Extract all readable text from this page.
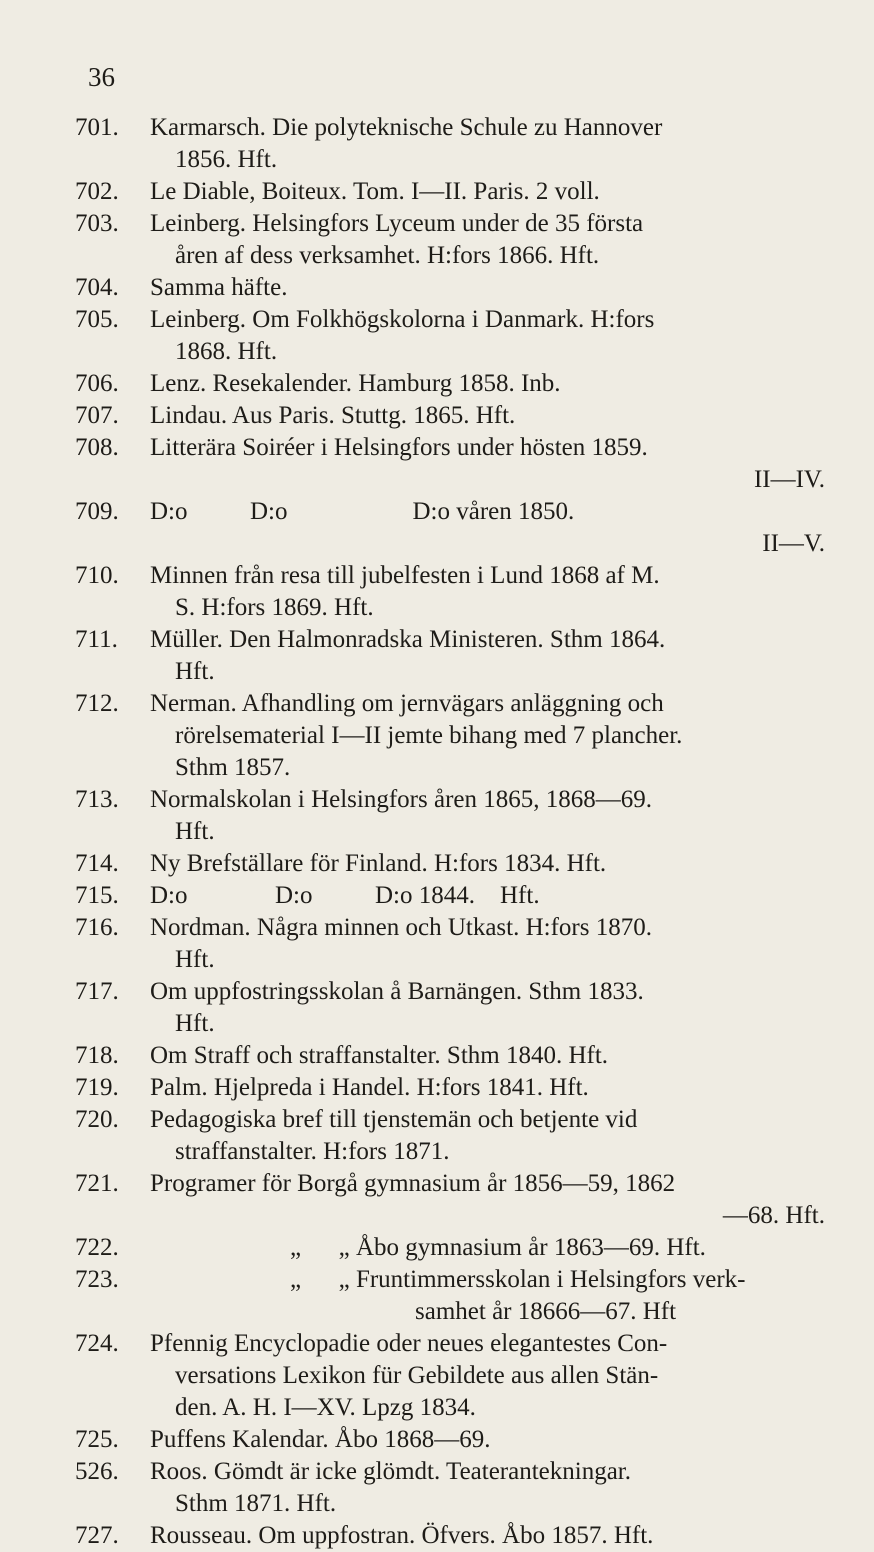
36
701.	Karmarsch. Die polyteknische Schule zu Hannover
1856. Hft.
702.	Le Diable, Boiteux. Tom. I—II. Paris. 2 voll.
703.	Leinberg. Helsingfors Lyceum under de 35 första
åren af dess verksamhet. H:fors 1866. Hft.
704.	Samma häfte.
705.	Leinberg. Om Folkhögskolorna i Danmark. H:fors
1868. Hft.
706.	Lenz. Resekalender. Hamburg 1858. Inb.
707.	Lindau. Aus Paris. Stuttg. 1865. Hft.
708.	Litterära Soiréer i Helsingfors under hösten 1859.
II—IV.
709.	D:o          D:o                    D:o våren 1850.
II—V.
710.	Minnen från resa till jubelfesten i Lund 1868 af M.
S. H:fors 1869. Hft.
711.	Müller. Den Halmonradska Ministeren. Sthm 1864.
Hft.
712.	Nerman. Afhandling om jernvägars anläggning och
rörelsematerial I—II jemte bihang med 7 plancher.
Sthm 1857.
713.	Normalskolan i Helsingfors åren 1865, 1868—69.
Hft.
714.	Ny Brefställare för Finland. H:fors 1834. Hft.
715.	D:o              D:o          D:o 1844.    Hft.
716.	Nordman. Några minnen och Utkast. H:fors 1870.
Hft.
717.	Om uppfostringsskolan å Barnängen. Sthm 1833.
Hft.
718.	Om Straff och straffanstalter. Sthm 1840. Hft.
719.	Palm. Hjelpreda i Handel. H:fors 1841. Hft.
720.	Pedagogiska bref till tjenstemän och betjente vid
straffanstalter. H:fors 1871.
721.	Programer för Borgå gymnasium år 1856—59, 1862
—68. Hft.
722.	„      „ Åbo gymnasium år 1863—69. Hft.
723.	„      „ Fruntimmersskolan i Helsingfors verk-
samhet år 18666—67. Hft
724.	Pfennig Encyclopadie oder neues elegantestes Con-
versations Lexikon für Gebildete aus allen Stän-
den. A. H. I—XV. Lpzg 1834.
725.	Puffens Kalendar. Åbo 1868—69.
526.	Roos. Gömdt är icke glömdt. Teaterantekningar.
Sthm 1871. Hft.
727.	Rousseau. Om uppfostran. Öfvers. Åbo 1857. Hft.
